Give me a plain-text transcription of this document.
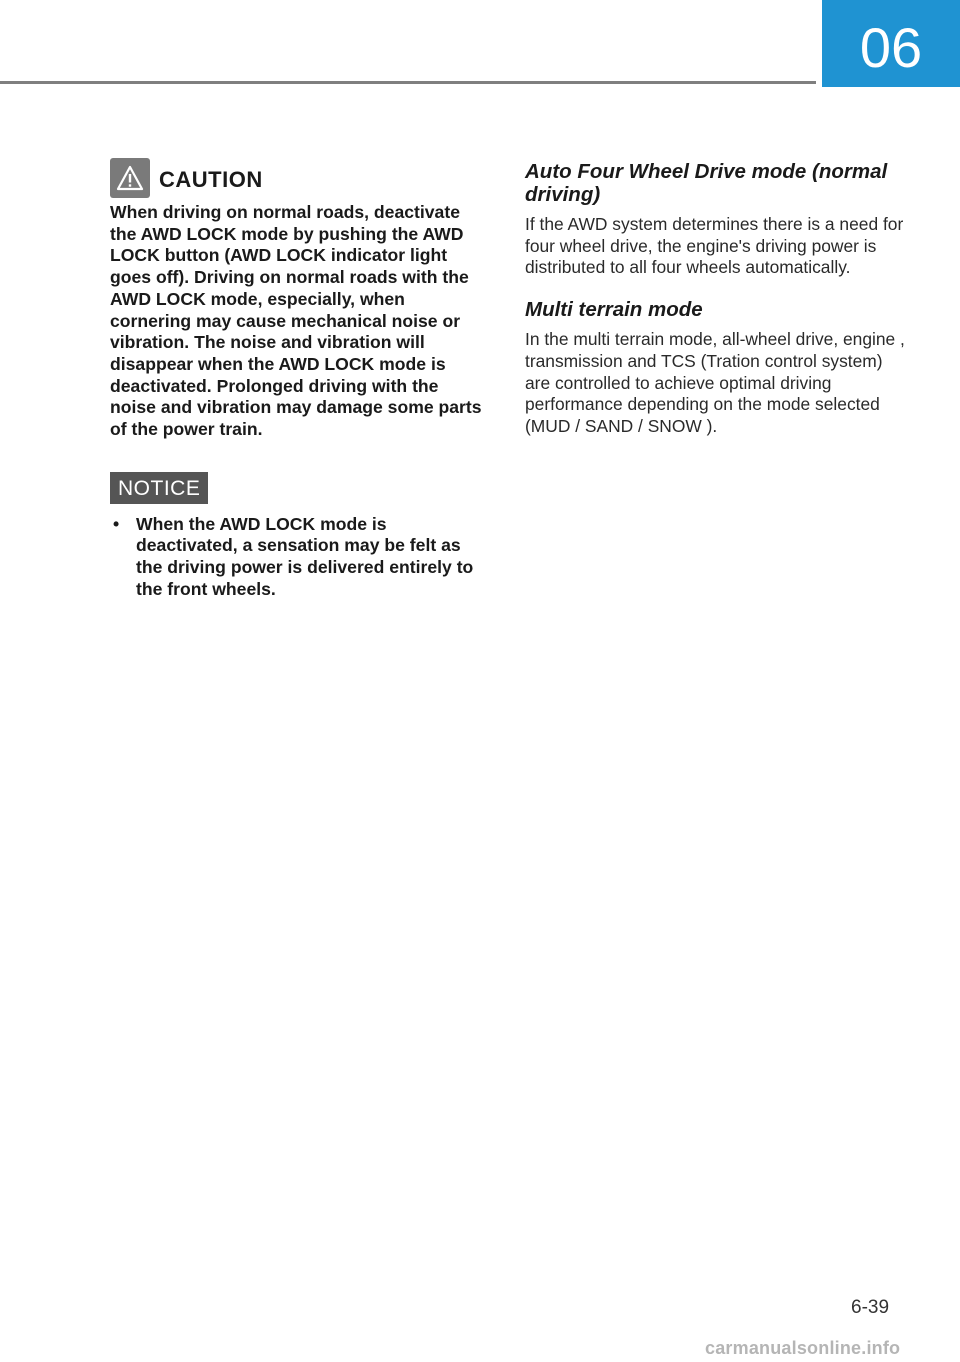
06
CAUTION

When driving on normal roads, deactivate the AWD LOCK mode by pushing the AWD LOCK button (AWD LOCK indicator light goes off). Driving on normal roads with the AWD LOCK mode, especially, when cornering may cause mechanical noise or vibration. The noise and vibration will disappear when the AWD LOCK mode is deactivated. Prolonged driving with the noise and vibration may damage some parts of the power train.

NOTICE
• When the AWD LOCK mode is deactivated, a sensation may be felt as the driving power is delivered entirely to the front wheels.
Auto Four Wheel Drive mode (normal driving)

If the AWD system determines there is a need for four wheel drive, the engine's driving power is distributed to all four wheels automatically.

Multi terrain mode

In the multi terrain mode, all-wheel drive, engine , transmission and TCS (Tration control system) are controlled to achieve optimal driving performance depending on the mode selected (MUD / SAND / SNOW ).

6-39
carmanualsonline.info
